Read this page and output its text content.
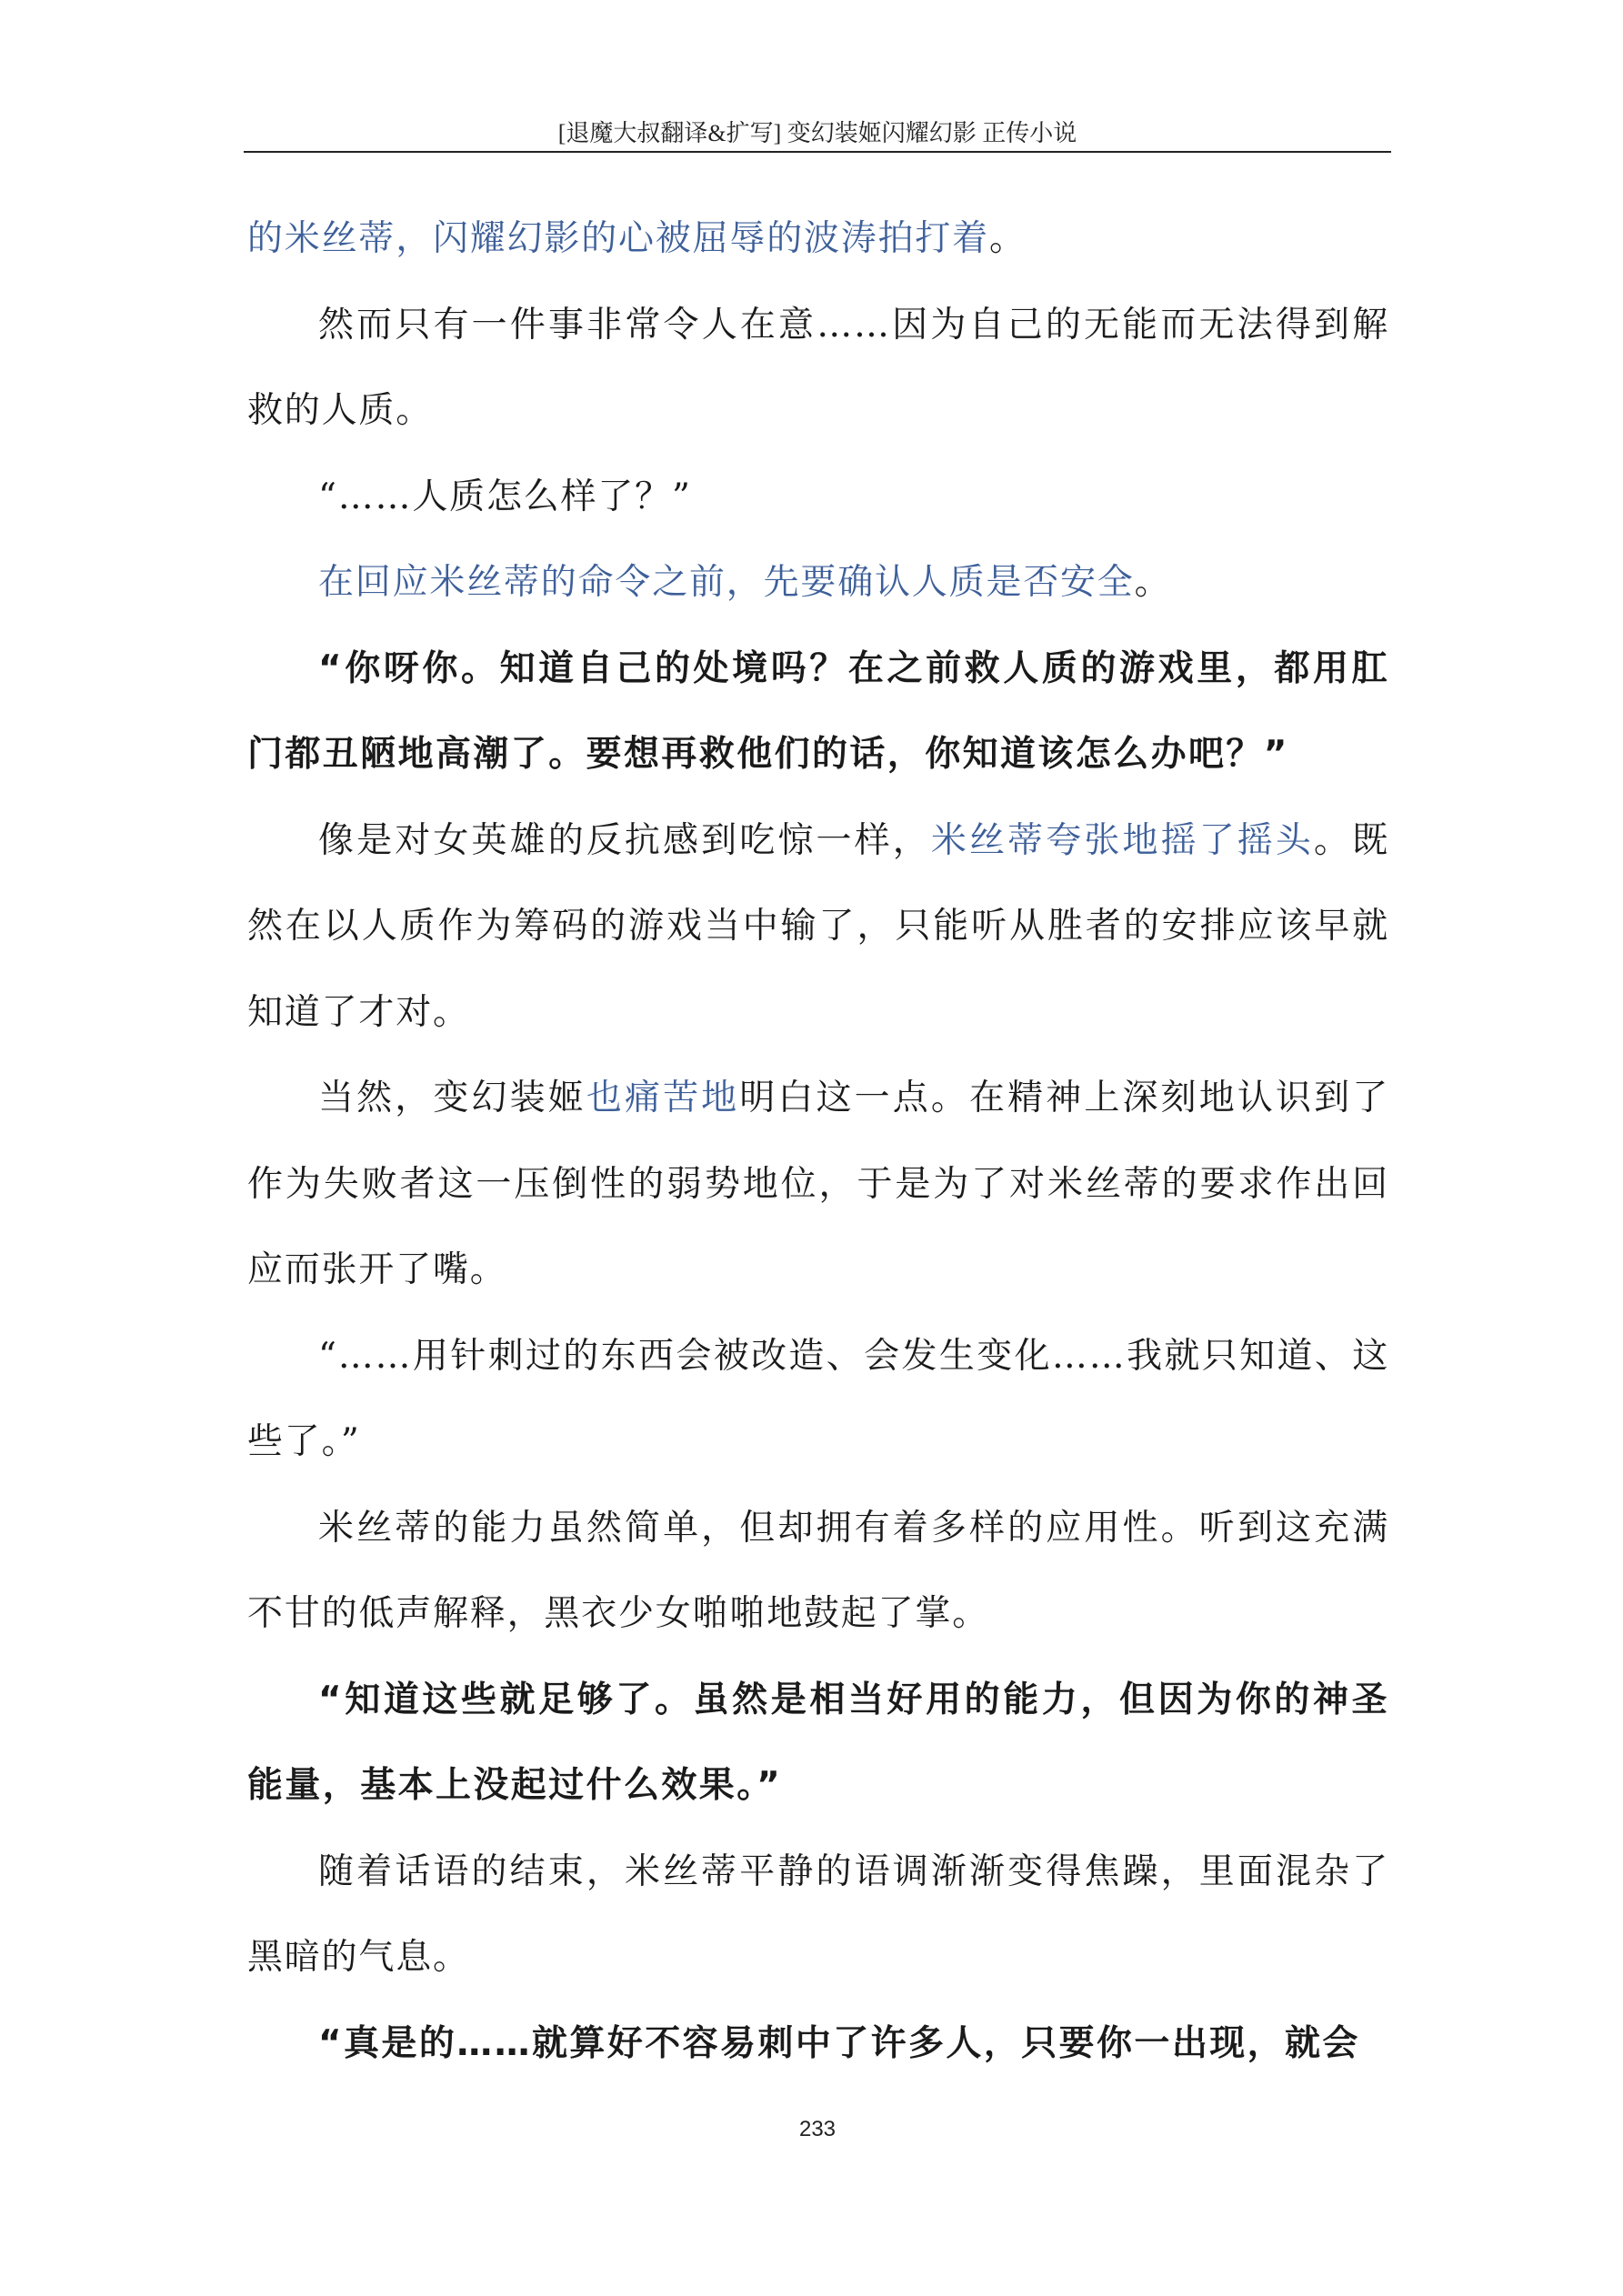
[退魔大叔翻译&扩写] 变幻装姬闪耀幻影 正传小说

的米丝蒂，闪耀幻影的心被屈辱的波涛拍打着。

然而只有一件事非常令人在意……因为自己的无能而无法得到解救的人质。

“……人质怎么样了？”

在回应米丝蒂的命令之前，先要确认人质是否安全。

“你呀你。知道自己的处境吗？在之前救人质的游戏里，都用肛门都丑陋地高潮了。要想再救他们的话，你知道该怎么办吧？”

像是对女英雄的反抗感到吃惊一样，米丝蒂夸张地摇了摇头。既然在以人质作为筹码的游戏当中输了，只能听从胜者的安排应该早就知道了才对。

当然，变幻装姬也痛苦地明白这一点。在精神上深刻地认识到了作为失败者这一压倒性的弱势地位，于是为了对米丝蒂的要求作出回应而张开了嘴。

“……用针刺过的东西会被改造、会发生变化……我就只知道、这些了。”

米丝蒂的能力虽然简单，但却拥有着多样的应用性。听到这充满不甘的低声解释，黑衣少女啪啪地鼓起了掌。

“知道这些就足够了。虽然是相当好用的能力，但因为你的神圣能量，基本上没起过什么效果。”

随着话语的结束，米丝蒂平静的语调渐渐变得焦躁，里面混杂了黑暗的气息。

“真是的……就算好不容易刺中了许多人，只要你一出现，就会

233
